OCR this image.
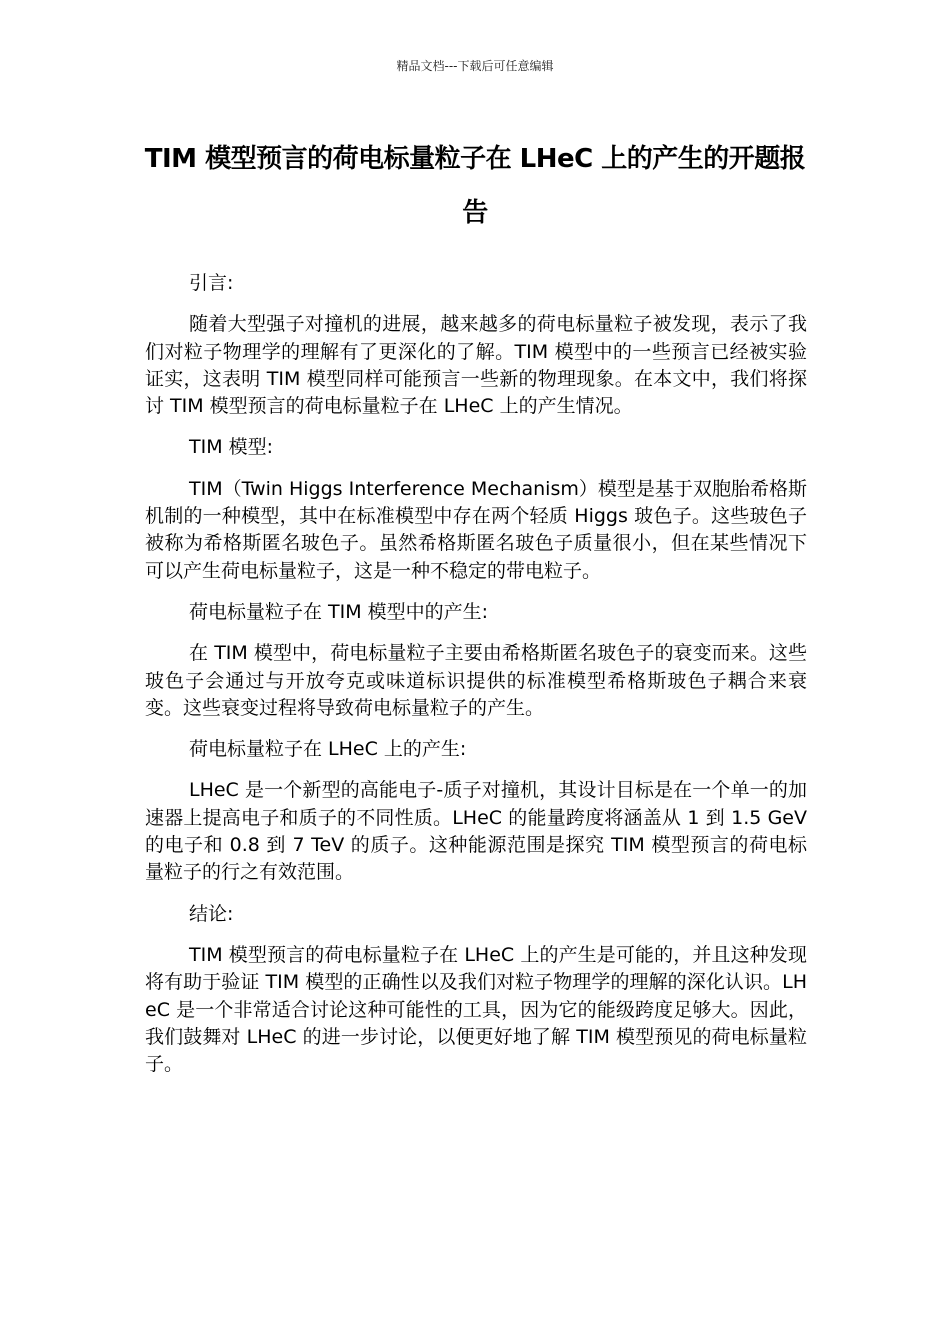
精品文档---下载后可任意编辑
TIM 模型预言的荷电标量粒子在 LHeC 上的产生的开题报告

引言:

随着大型强子对撞机的进展，越来越多的荷电标量粒子被发现，表示了我们对粒子物理学的理解有了更深化的了解。TIM 模型中的一些预言已经被实验证实，这表明 TIM 模型同样可能预言一些新的物理现象。在本文中，我们将探讨 TIM 模型预言的荷电标量粒子在 LHeC 上的产生情况。

TIM 模型:

TIM（Twin Higgs Interference Mechanism）模型是基于双胞胎希格斯机制的一种模型，其中在标准模型中存在两个轻质 Higgs 玻色子。这些玻色子被称为希格斯匿名玻色子。虽然希格斯匿名玻色子质量很小，但在某些情况下可以产生荷电标量粒子，这是一种不稳定的带电粒子。

荷电标量粒子在 TIM 模型中的产生:

在 TIM 模型中，荷电标量粒子主要由希格斯匿名玻色子的衰变而来。这些玻色子会通过与开放夸克或味道标识提供的标准模型希格斯玻色子耦合来衰变。这些衰变过程将导致荷电标量粒子的产生。

荷电标量粒子在 LHeC 上的产生:

LHeC 是一个新型的高能电子-质子对撞机，其设计目标是在一个单一的加速器上提高电子和质子的不同性质。LHeC 的能量跨度将涵盖从 1 到 1.5 GeV 的电子和 0.8 到 7 TeV 的质子。这种能源范围是探究 TIM 模型预言的荷电标量粒子的行之有效范围。

结论:

TIM 模型预言的荷电标量粒子在 LHeC 上的产生是可能的，并且这种发现将有助于验证 TIM 模型的正确性以及我们对粒子物理学的理解的深化认识。LHeC 是一个非常适合讨论这种可能性的工具，因为它的能级跨度足够大。因此，我们鼓舞对 LHeC 的进一步讨论，以便更好地了解 TIM 模型预见的荷电标量粒子。
